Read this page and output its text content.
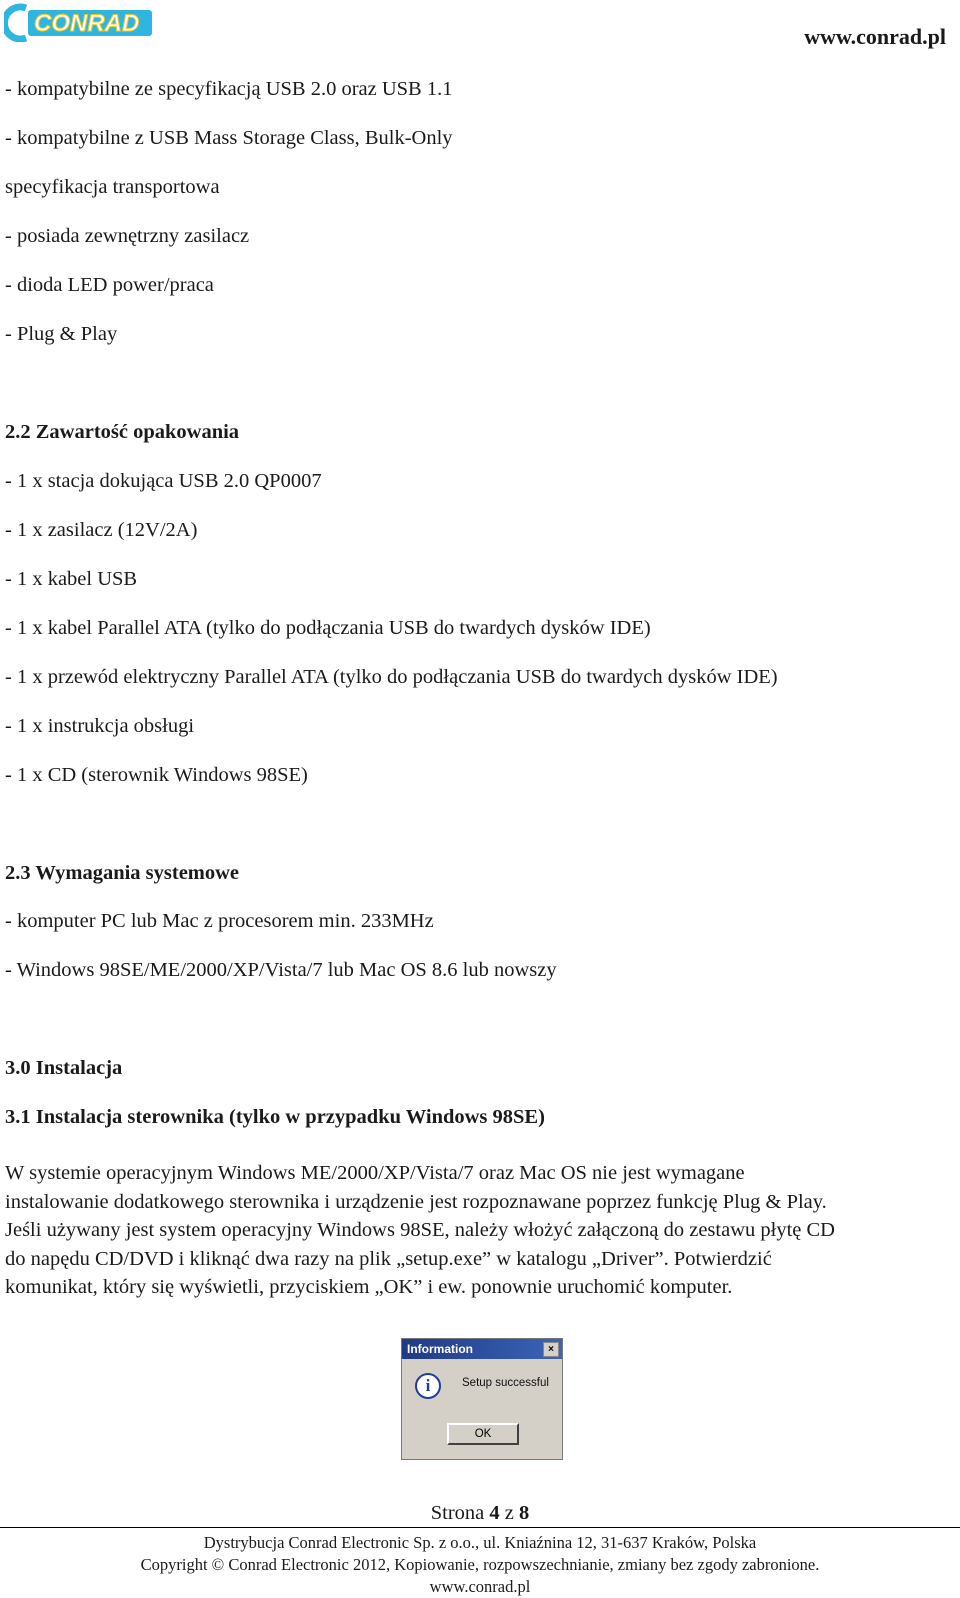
CONRAD	www.conrad.pl
- kompatybilne ze specyfikacją USB 2.0 oraz USB 1.1
- kompatybilne z USB Mass Storage Class, Bulk-Only
specyfikacja transportowa
- posiada zewnętrzny zasilacz
- dioda LED power/praca
- Plug & Play
2.2 Zawartość opakowania
- 1 x stacja dokująca USB 2.0 QP0007
- 1 x zasilacz (12V/2A)
- 1 x kabel USB
- 1 x kabel Parallel ATA (tylko do podłączania USB do twardych dysków IDE)
- 1 x przewód elektryczny Parallel ATA (tylko do podłączania USB do twardych dysków IDE)
- 1 x instrukcja obsługi
- 1 x CD (sterownik Windows 98SE)
2.3 Wymagania systemowe
- komputer PC lub Mac z procesorem min. 233MHz
- Windows 98SE/ME/2000/XP/Vista/7 lub Mac OS 8.6 lub nowszy
3.0 Instalacja
3.1 Instalacja sterownika (tylko w przypadku Windows 98SE)
W systemie operacyjnym Windows ME/2000/XP/Vista/7 oraz Mac OS nie jest wymagane
instalowanie dodatkowego sterownika i urządzenie jest rozpoznawane poprzez funkcję Plug & Play.
Jeśli używany jest system operacyjny Windows 98SE, należy włożyć załączoną do zestawu płytę CD
do napędu CD/DVD i kliknąć dwa razy na plik „setup.exe” w katalogu „Driver”. Potwierdzić
komunikat, który się wyświetli, przyciskiem „OK” i ew. ponownie uruchomić komputer.
Information	×
i	Setup successful
OK
Strona 4 z 8
Dystrybucja Conrad Electronic Sp. z o.o., ul. Kniaźnina 12, 31-637 Kraków, Polska
Copyright © Conrad Electronic 2012, Kopiowanie, rozpowszechnianie, zmiany bez zgody zabronione.
www.conrad.pl
